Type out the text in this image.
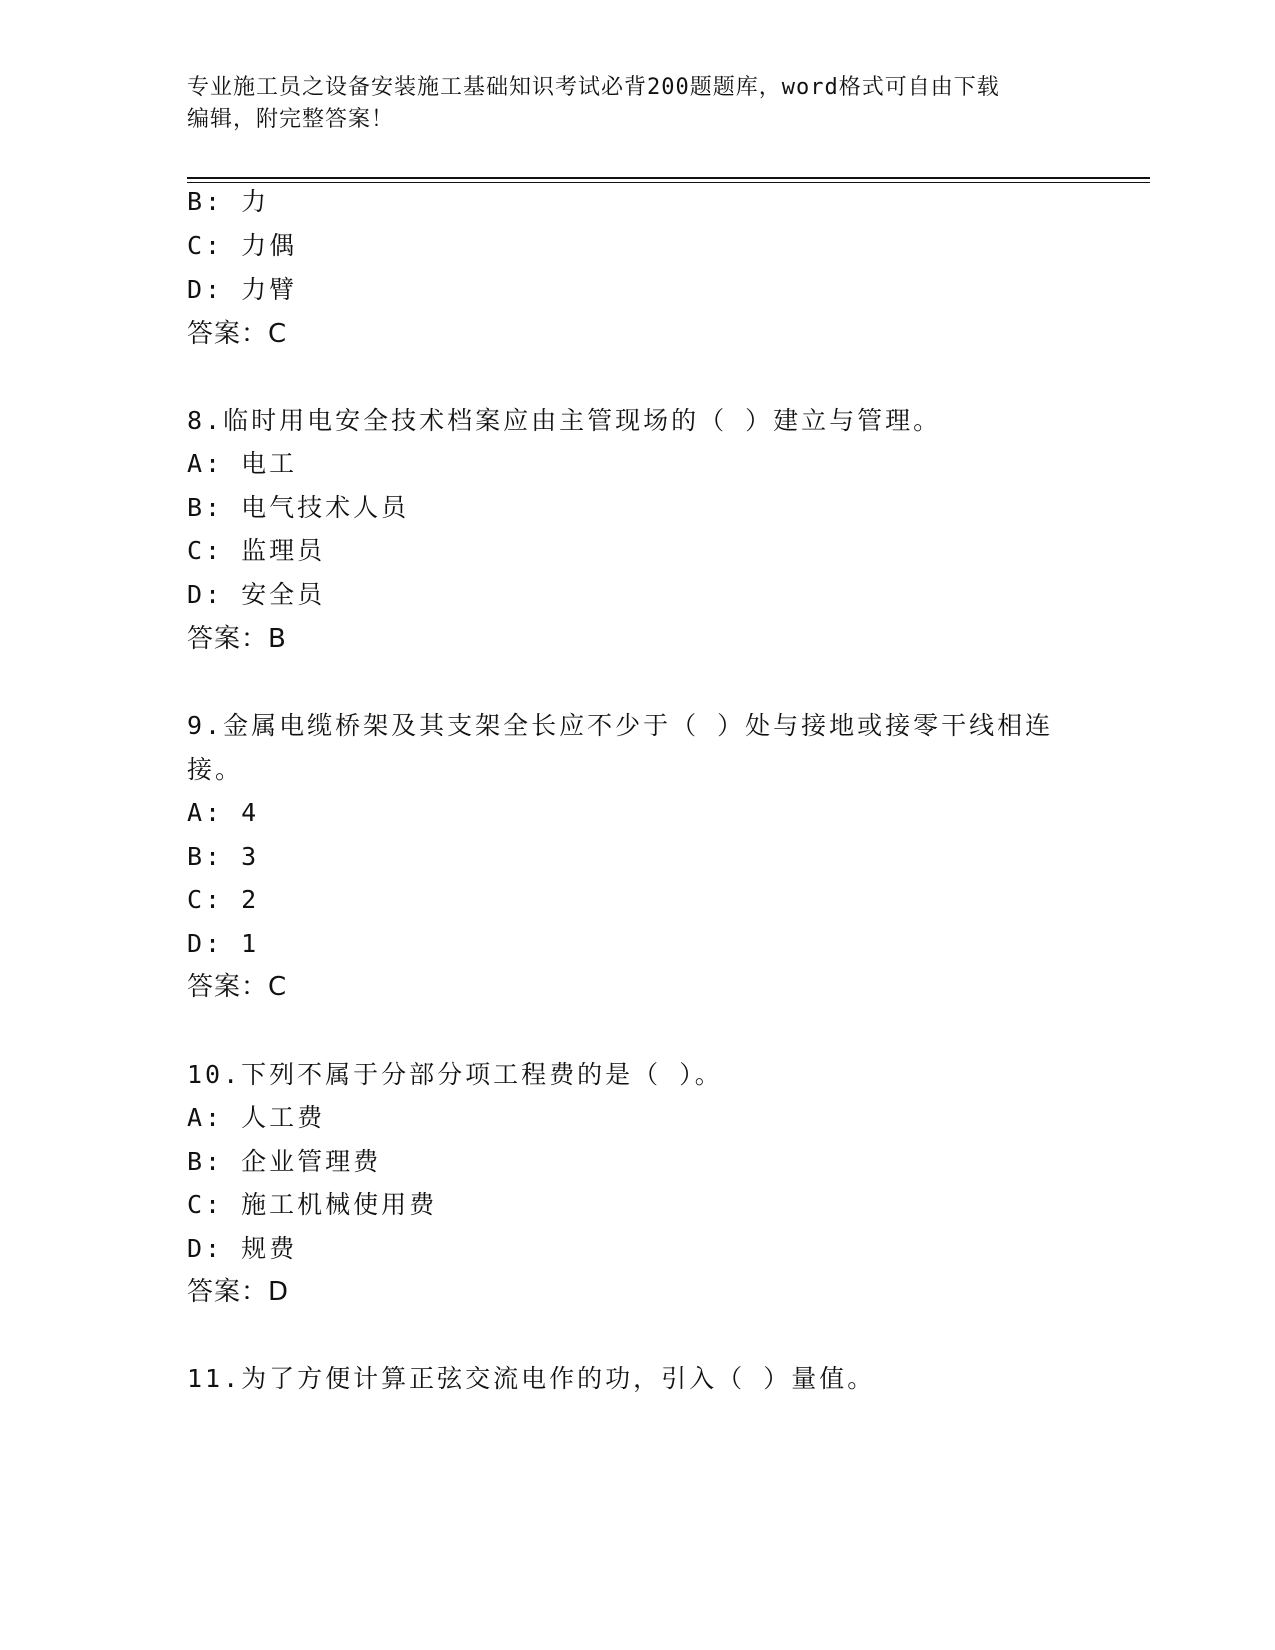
专业施工员之设备安装施工基础知识考试必背200题题库，word格式可自由下载
编辑，附完整答案！
B: 力
C: 力偶
D: 力臂
答案：C
8.临时用电安全技术档案应由主管现场的（ ）建立与管理。
A: 电工
B: 电气技术人员
C: 监理员
D: 安全员
答案：B
9.金属电缆桥架及其支架全长应不少于（ ）处与接地或接零干线相连
接。
A: 4
B: 3
C: 2
D: 1
答案：C
10.下列不属于分部分项工程费的是（ ）。
A: 人工费
B: 企业管理费
C: 施工机械使用费
D: 规费
答案：D
11.为了方便计算正弦交流电作的功，引入（ ）量值。
